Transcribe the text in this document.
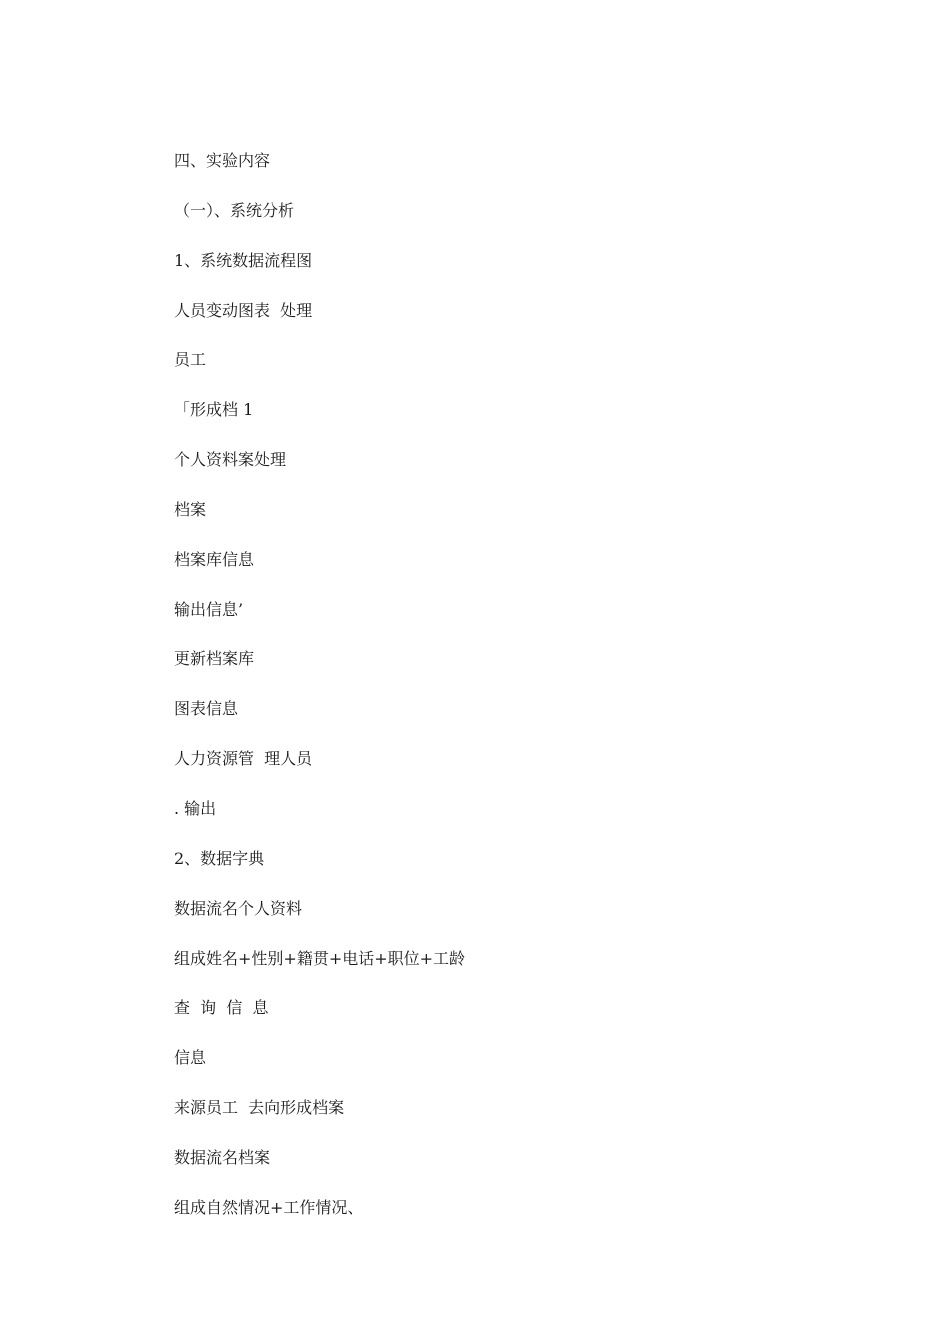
四、实验内容

（一）、系统分析

1、系统数据流程图

人员变动图表  处理

员工

「形成档 1

个人资料案处理

档案

档案库信息

输出信息’

更新档案库

图表信息

人力资源管  理人员

. 输出

2、数据字典

数据流名个人资料

组成姓名+性别+籍贯+电话+职位+工龄

查  询  信  息

信息

来源员工  去向形成档案

数据流名档案

组成自然情况+工作情况、
